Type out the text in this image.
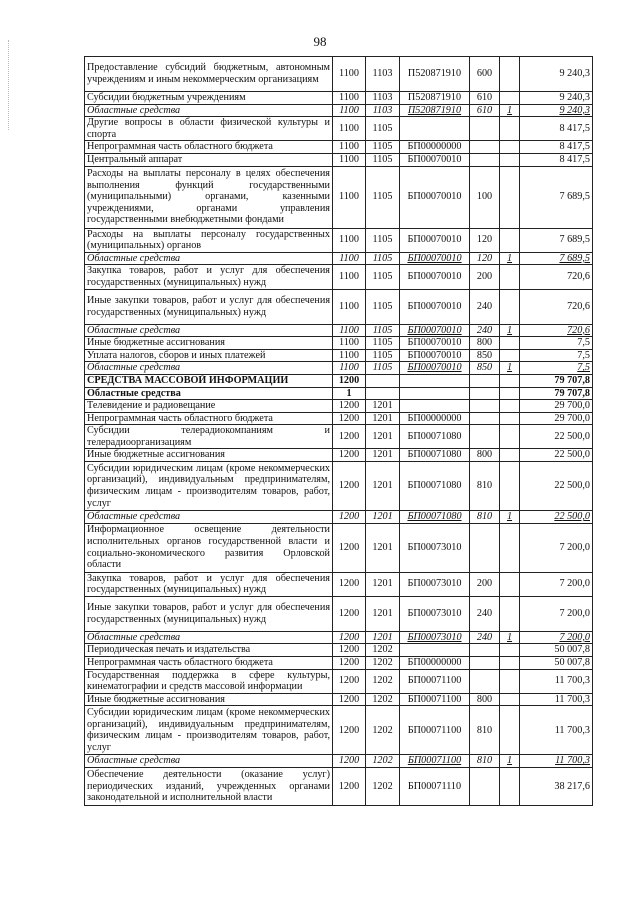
98
Предоставление субсидий бюджетным, автономным учреждениям и иным некоммерческим организациям	1100	1103	П520871910	600		9 240,3
Субсидии бюджетным учреждениям	1100	1103	П520871910	610		9 240,3
Областные средства	1100	1103	П520871910	610	1	9 240,3
Другие вопросы в области физической культуры и спорта	1100	1105				8 417,5
Непрограммная часть областного бюджета	1100	1105	БП00000000			8 417,5
Центральный аппарат	1100	1105	БП00070010			8 417,5
Расходы на выплаты персоналу в целях обеспечения выполнения функций государственными (муниципальными) органами, казенными учреждениями, органами управления государственными внебюджетными фондами	1100	1105	БП00070010	100		7 689,5
Расходы на выплаты персоналу государственных (муниципальных) органов	1100	1105	БП00070010	120		7 689,5
Областные средства	1100	1105	БП00070010	120	1	7 689,5
Закупка товаров, работ и услуг для обеспечения государственных (муниципальных) нужд	1100	1105	БП00070010	200		720,6
Иные закупки товаров, работ и услуг для обеспечения государственных (муниципальных) нужд	1100	1105	БП00070010	240		720,6
Областные средства	1100	1105	БП00070010	240	1	720,6
Иные бюджетные ассигнования	1100	1105	БП00070010	800		7,5
Уплата налогов, сборов и иных платежей	1100	1105	БП00070010	850		7,5
Областные средства	1100	1105	БП00070010	850	1	7,5
СРЕДСТВА МАССОВОЙ ИНФОРМАЦИИ	1200					79 707,8
Областные средства	1					79 707,8
Телевидение и радиовещание	1200	1201				29 700,0
Непрограммная часть областного бюджета	1200	1201	БП00000000			29 700,0
Субсидии телерадиокомпаниям и телерадиоорганизациям	1200	1201	БП00071080			22 500,0
Иные бюджетные ассигнования	1200	1201	БП00071080	800		22 500,0
Субсидии юридическим лицам (кроме некоммерческих организаций), индивидуальным предпринимателям, физическим лицам - производителям товаров, работ, услуг	1200	1201	БП00071080	810		22 500,0
Областные средства	1200	1201	БП00071080	810	1	22 500,0
Информационное освещение деятельности исполнительных органов государственной власти и социально-экономического развития Орловской области	1200	1201	БП00073010			7 200,0
Закупка товаров, работ и услуг для обеспечения государственных (муниципальных) нужд	1200	1201	БП00073010	200		7 200,0
Иные закупки товаров, работ и услуг для обеспечения государственных (муниципальных) нужд	1200	1201	БП00073010	240		7 200,0
Областные средства	1200	1201	БП00073010	240	1	7 200,0
Периодическая печать и издательства	1200	1202				50 007,8
Непрограммная часть областного бюджета	1200	1202	БП00000000			50 007,8
Государственная поддержка в сфере культуры, кинематографии и средств массовой информации	1200	1202	БП00071100			11 700,3
Иные бюджетные ассигнования	1200	1202	БП00071100	800		11 700,3
Субсидии юридическим лицам (кроме некоммерческих организаций), индивидуальным предпринимателям, физическим лицам - производителям товаров, работ, услуг	1200	1202	БП00071100	810		11 700,3
Областные средства	1200	1202	БП00071100	810	1	11 700,3
Обеспечение деятельности (оказание услуг) периодических изданий, учрежденных органами законодательной и исполнительной власти	1200	1202	БП00071110			38 217,6
